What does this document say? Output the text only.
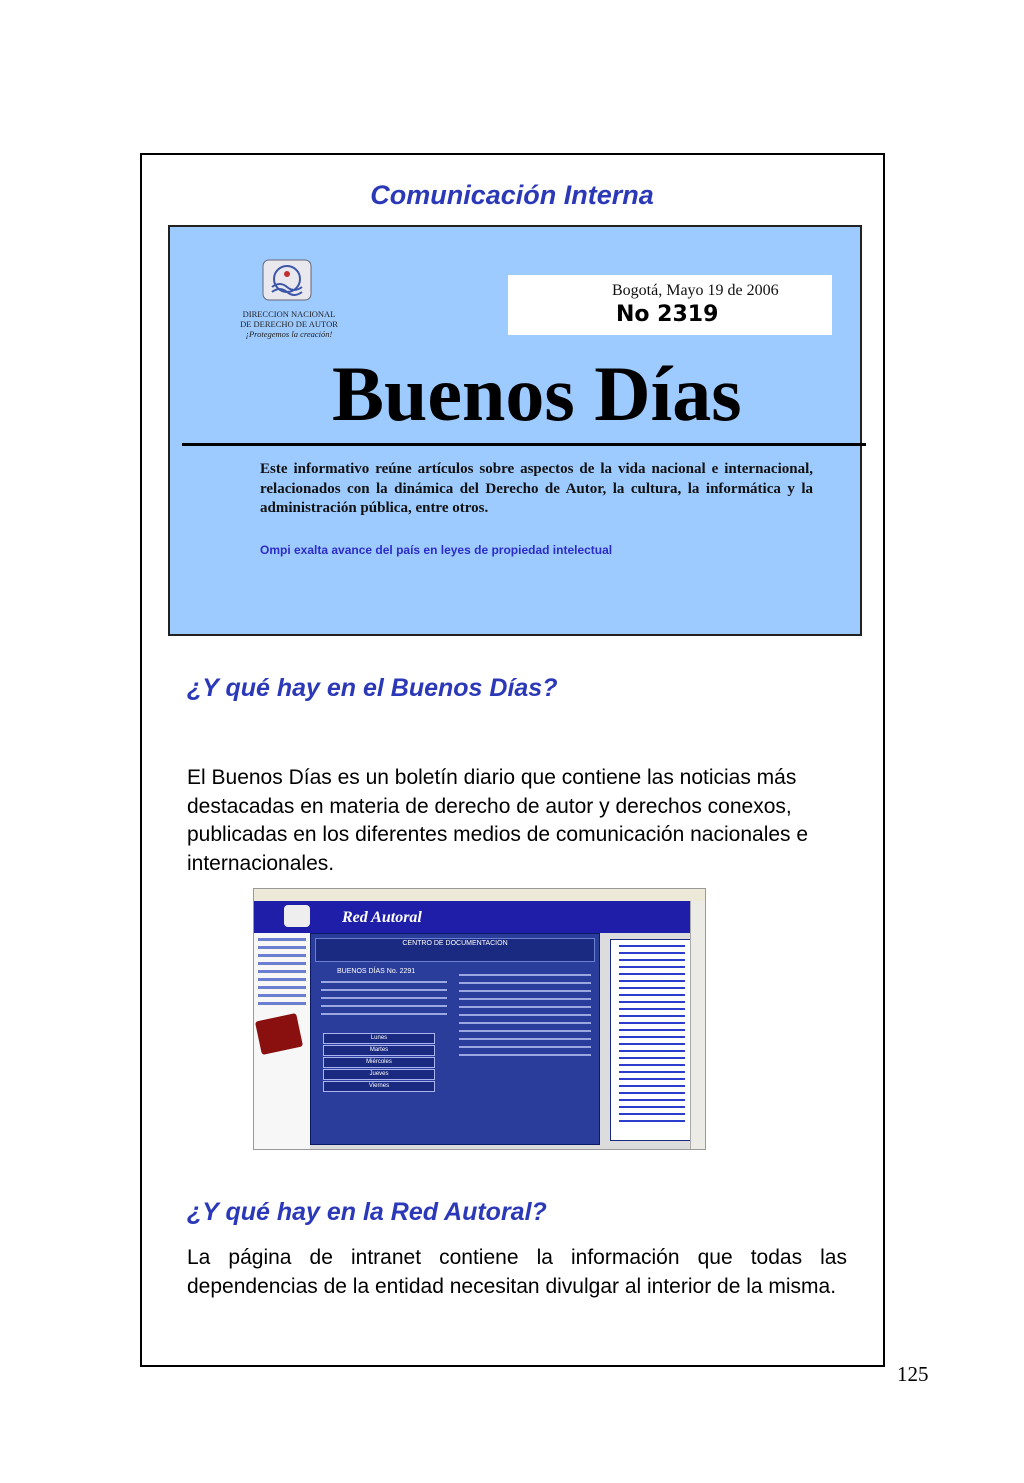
Comunicación Interna
DIRECCION NACIONAL
DE DERECHO DE AUTOR
¡Protegemos la creación!
Bogotá, Mayo 19 de 2006
No 2319
Buenos Días
Este informativo reúne artículos sobre aspectos de la vida nacional e internacional, relacionados con la dinámica del Derecho de Autor, la cultura, la informática y la administración pública, entre otros.
Ompi exalta avance del país en leyes de propiedad intelectual
¿Y qué hay en el Buenos Días?
El Buenos Días es un boletín diario que contiene las noticias más destacadas en materia de derecho de autor y derechos conexos, publicadas en los diferentes medios de comunicación nacionales e internacionales.
Red Autoral
CENTRO DE DOCUMENTACION
BUENOS DÍAS No. 2291
Lunes
Martes
Miércoles
Jueves
Viernes
¿Y qué hay en la Red Autoral?
La página de intranet contiene la información que todas las dependencias de la entidad necesitan divulgar al interior de la misma.
125
